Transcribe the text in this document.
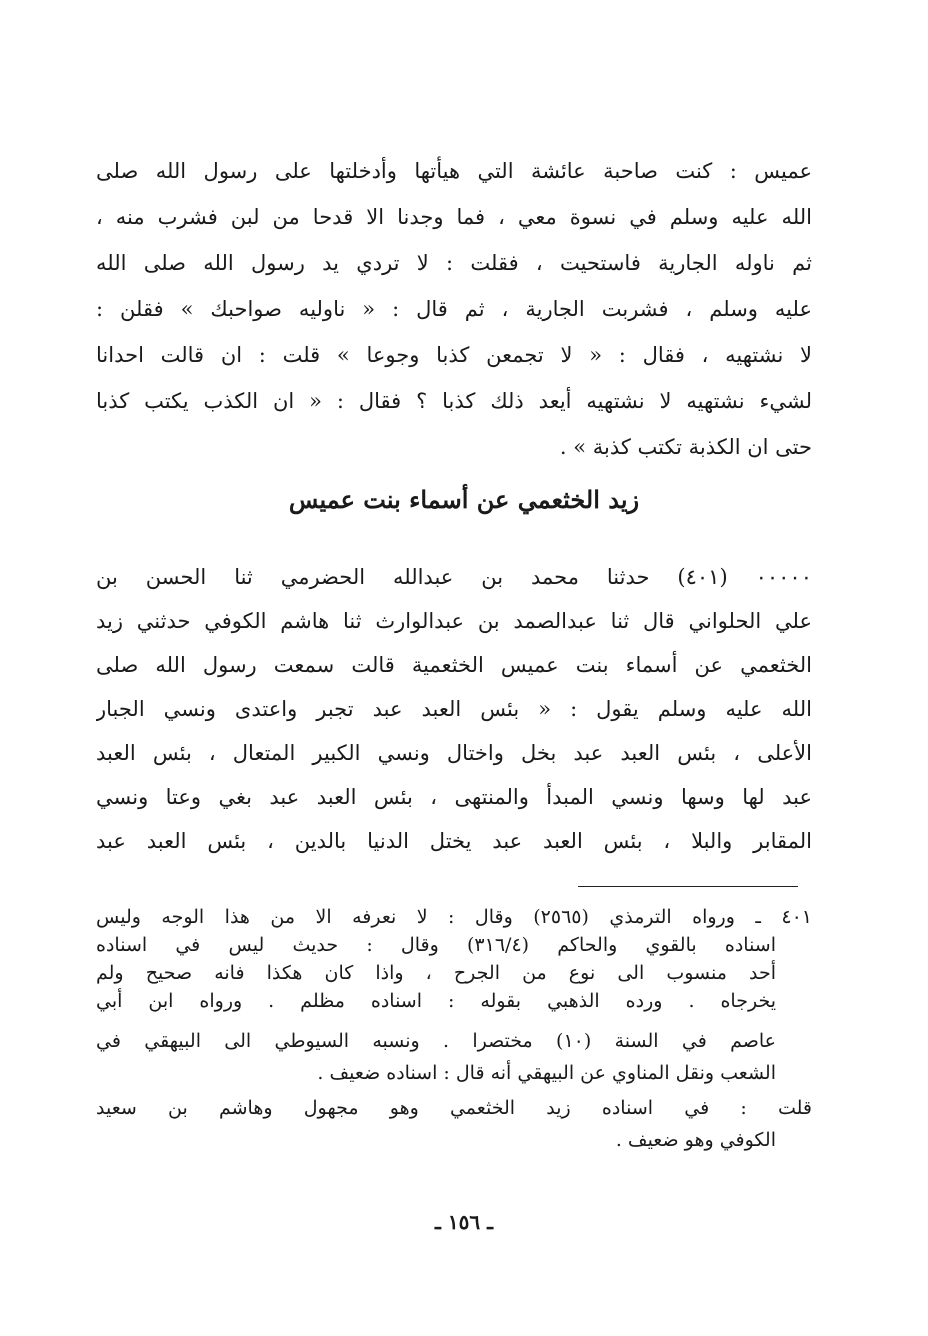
عميس : كنت صاحبة عائشة التي هيأتها وأدخلتها على رسول الله صلى
الله عليه وسلم في نسوة معي ، فما وجدنا الا قدحا من لبن فشرب منه ،
ثم ناوله الجارية فاستحيت ، فقلت : لا تردي يد رسول الله صلى الله
عليه وسلم ، فشربت الجارية ، ثم قال : « ناوليه صواحبك » فقلن :
لا نشتهيه ، فقال : « لا تجمعن كذبا وجوعا » قلت : ان قالت احدانا
لشيء نشتهيه لا نشتهيه أيعد ذلك كذبا ؟ فقال : « ان الكذب يكتب كذبا
حتى ان الكذبة تكتب كذبة » .
زيد الخثعمي عن أسماء بنت عميس
٠٠٠٠٠ (٤٠١) حدثنا محمد بن عبدالله الحضرمي ثنا الحسن بن
علي الحلواني قال ثنا عبدالصمد بن عبدالوارث ثنا هاشم الكوفي حدثني زيد
الخثعمي عن أسماء بنت عميس الخثعمية قالت سمعت رسول الله صلى
الله عليه وسلم يقول : « بئس العبد عبد تجبر واعتدى ونسي الجبار
الأعلى ، بئس العبد عبد بخل واختال ونسي الكبير المتعال ، بئس العبد
عبد لها وسها ونسي المبدأ والمنتهى ، بئس العبد عبد بغي وعتا ونسي
المقابر والبلا ، بئس العبد عبد يختل الدنيا بالدين ، بئس العبد عبد
٤٠١ ـ ورواه الترمذي (٢٥٦٥) وقال : لا نعرفه الا من هذا الوجه وليس
اسناده بالقوي والحاكم (٣١٦/٤) وقال : حديث ليس في اسناده
أحد منسوب الى نوع من الجرح ، واذا كان هكذا فانه صحيح ولم
يخرجاه . ورده الذهبي بقوله : اسناده مظلم . ورواه ابن أبي
عاصم في السنة (١٠) مختصرا . ونسبه السيوطي الى البيهقي في
الشعب ونقل المناوي عن البيهقي أنه قال : اسناده ضعيف .
قلت : في اسناده زيد الخثعمي وهو مجهول وهاشم بن سعيد
الكوفي وهو ضعيف .
ـ ١٥٦ ـ
